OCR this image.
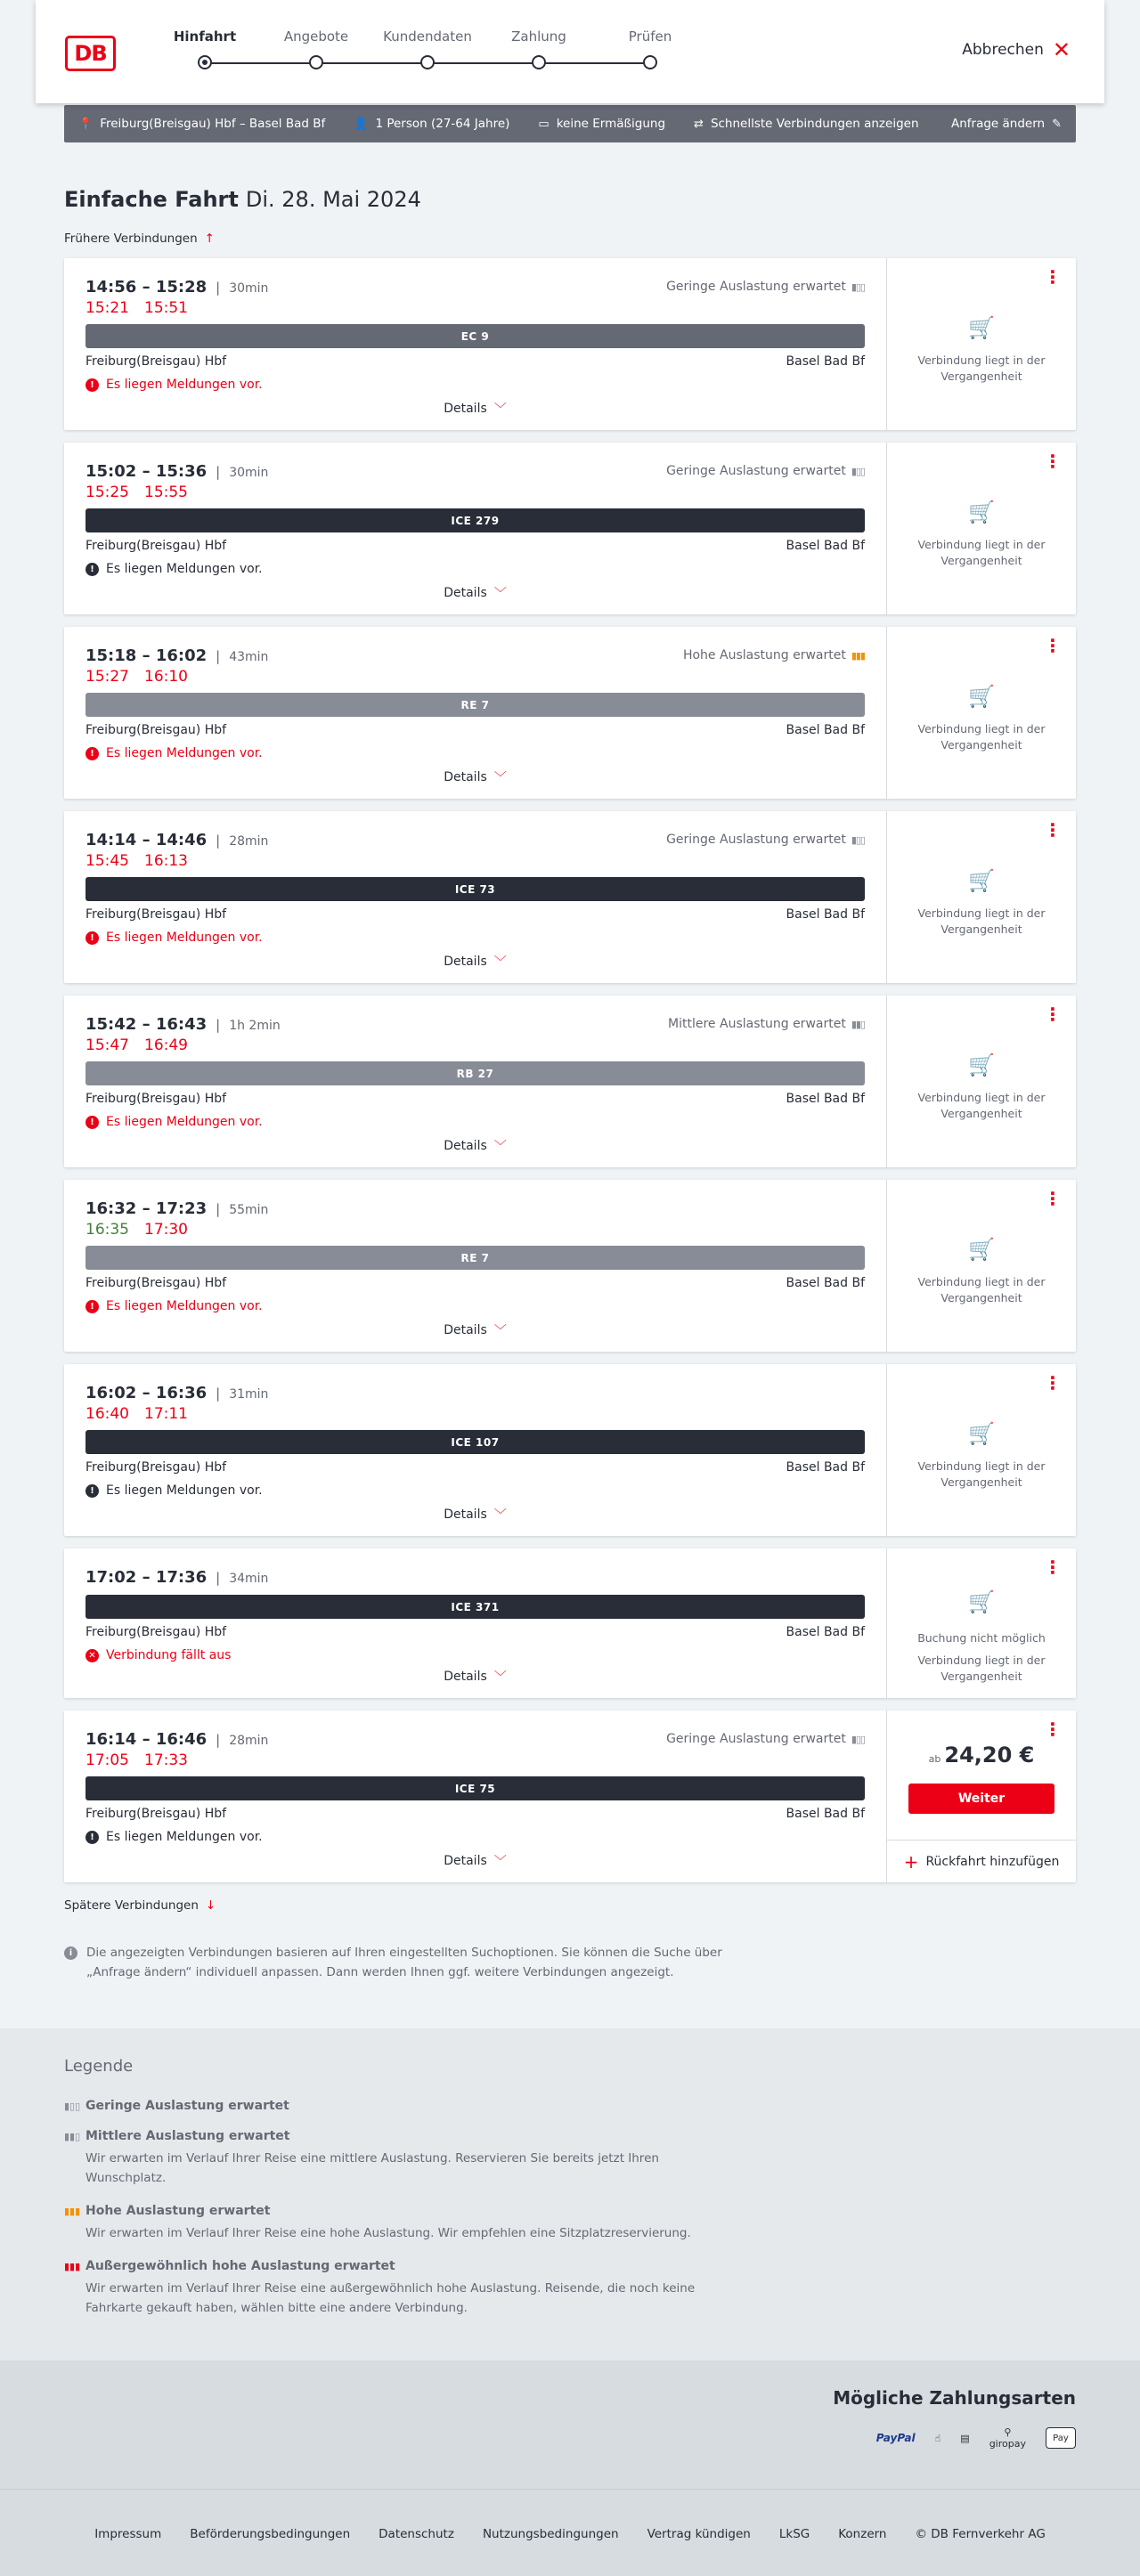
DB
Hinfahrt	Angebote	Kundendaten	Zahlung	Prüfen
Abbrechen ✕
📍 Freiburg(Breisgau) Hbf – Basel Bad Bf 👤 1 Person (27-64 Jahre) ▭ keine Ermäßigung ⇄ Schnellste Verbindungen anzeigen	Anfrage ändern ✎
Einfache Fahrt Di. 28. Mai 2024
Frühere Verbindungen ↑
14:56 – 15:28 | 30min	Geringe Auslastung erwartet ▮▯▯
15:21	15:51
EC 9
Freiburg(Breisgau) Hbf	Basel Bad Bf
! Es liegen Meldungen vor.
Details ﹀
⋮
🛒
Verbindung liegt in der Vergangenheit
15:02 – 15:36 | 30min	Geringe Auslastung erwartet ▮▯▯
15:25	15:55
ICE 279
Freiburg(Breisgau) Hbf	Basel Bad Bf
! Es liegen Meldungen vor.
Details ﹀
⋮
🛒
Verbindung liegt in der Vergangenheit
15:18 – 16:02 | 43min	Hohe Auslastung erwartet ▮▮▮
15:27	16:10
RE 7
Freiburg(Breisgau) Hbf	Basel Bad Bf
! Es liegen Meldungen vor.
Details ﹀
⋮
🛒
Verbindung liegt in der Vergangenheit
14:14 – 14:46 | 28min	Geringe Auslastung erwartet ▮▯▯
15:45	16:13
ICE 73
Freiburg(Breisgau) Hbf	Basel Bad Bf
! Es liegen Meldungen vor.
Details ﹀
⋮
🛒
Verbindung liegt in der Vergangenheit
15:42 – 16:43 | 1h 2min	Mittlere Auslastung erwartet ▮▮▯
15:47	16:49
RB 27
Freiburg(Breisgau) Hbf	Basel Bad Bf
! Es liegen Meldungen vor.
Details ﹀
⋮
🛒
Verbindung liegt in der Vergangenheit
16:32 – 17:23 | 55min
16:35	17:30
RE 7
Freiburg(Breisgau) Hbf	Basel Bad Bf
! Es liegen Meldungen vor.
Details ﹀
⋮
🛒
Verbindung liegt in der Vergangenheit
16:02 – 16:36 | 31min
16:40	17:11
ICE 107
Freiburg(Breisgau) Hbf	Basel Bad Bf
! Es liegen Meldungen vor.
Details ﹀
⋮
🛒
Verbindung liegt in der Vergangenheit
17:02 – 17:36 | 34min
ICE 371
Freiburg(Breisgau) Hbf	Basel Bad Bf
✕ Verbindung fällt aus
Details ﹀
⋮
🛒
Buchung nicht möglich
Verbindung liegt in der Vergangenheit
16:14 – 16:46 | 28min	Geringe Auslastung erwartet ▮▯▯
17:05	17:33
ICE 75
Freiburg(Breisgau) Hbf	Basel Bad Bf
! Es liegen Meldungen vor.
Details ﹀
⋮
ab 24,20 €
Weiter
+ Rückfahrt hinzufügen
Spätere Verbindungen ↓
i	Die angezeigten Verbindungen basieren auf Ihren eingestellten Suchoptionen. Sie können die Suche über „Anfrage ändern“ individuell anpassen. Dann werden Ihnen ggf. weitere Verbindungen angezeigt.
Legende
▮▯▯ Geringe Auslastung erwartet
▮▮▯ Mittlere Auslastung erwartet
Wir erwarten im Verlauf Ihrer Reise eine mittlere Auslastung. Reservieren Sie bereits jetzt Ihren Wunschplatz.
▮▮▮ Hohe Auslastung erwartet
Wir erwarten im Verlauf Ihrer Reise eine hohe Auslastung. Wir empfehlen eine Sitzplatzreservierung.
▮▮▮ Außergewöhnlich hohe Auslastung erwartet
Wir erwarten im Verlauf Ihrer Reise eine außergewöhnlich hohe Auslastung. Reisende, die noch keine Fahrkarte gekauft haben, wählen bitte eine andere Verbindung.
Mögliche Zahlungsarten
PayPal ☝ ▤	⚲
giropay	Pay
Impressum Beförderungsbedingungen Datenschutz Nutzungsbedingungen Vertrag kündigen LkSG Konzern © DB Fernverkehr AG
